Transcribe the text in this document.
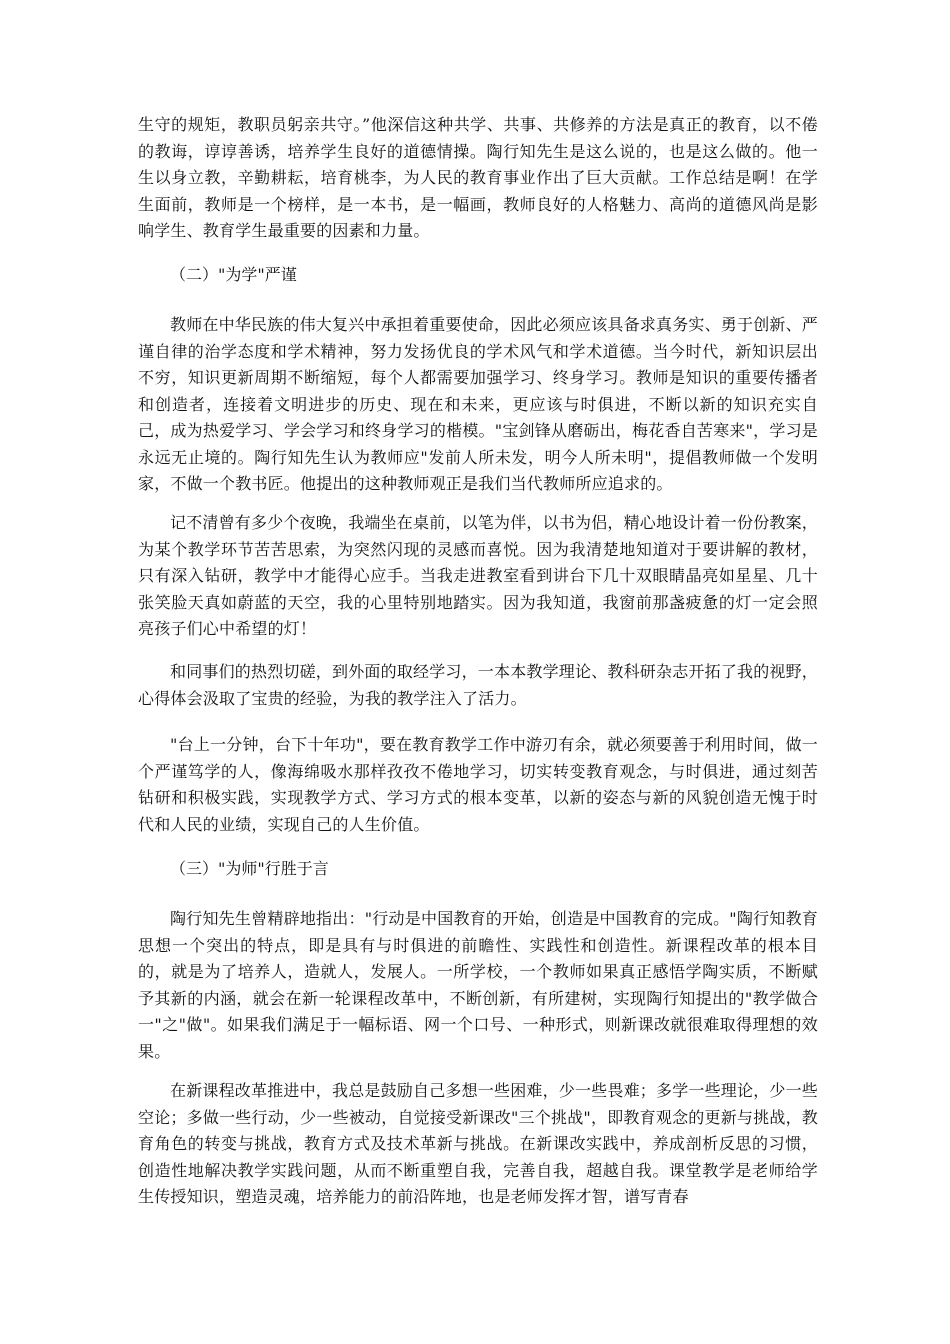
生守的规矩，教职员躬亲共守。”他深信这种共学、共事、共修养的方法是真正的教育，以不倦的教诲，谆谆善诱，培养学生良好的道德情操。陶行知先生是这么说的，也是这么做的。他一生以身立教，辛勤耕耘，培育桃李，为人民的教育事业作出了巨大贡献。工作总结是啊！在学生面前，教师是一个榜样，是一本书，是一幅画，教师良好的人格魅力、高尚的道德风尚是影响学生、教育学生最重要的因素和力量。

（二）"为学"严谨

教师在中华民族的伟大复兴中承担着重要使命，因此必须应该具备求真务实、勇于创新、严谨自律的治学态度和学术精神，努力发扬优良的学术风气和学术道德。当今时代，新知识层出不穷，知识更新周期不断缩短，每个人都需要加强学习、终身学习。教师是知识的重要传播者和创造者，连接着文明进步的历史、现在和未来，更应该与时俱进，不断以新的知识充实自己，成为热爱学习、学会学习和终身学习的楷模。"宝剑锋从磨砺出，梅花香自苦寒来"，学习是永远无止境的。陶行知先生认为教师应"发前人所未发，明今人所未明"，提倡教师做一个发明家，不做一个教书匠。他提出的这种教师观正是我们当代教师所应追求的。

记不清曾有多少个夜晚，我端坐在桌前，以笔为伴，以书为侣，精心地设计着一份份教案，为某个教学环节苦苦思索，为突然闪现的灵感而喜悦。因为我清楚地知道对于要讲解的教材，只有深入钻研，教学中才能得心应手。当我走进教室看到讲台下几十双眼睛晶亮如星星、几十张笑脸天真如蔚蓝的天空，我的心里特别地踏实。因为我知道，我窗前那盏疲惫的灯一定会照亮孩子们心中希望的灯！

和同事们的热烈切磋，到外面的取经学习，一本本教学理论、教科研杂志开拓了我的视野，心得体会汲取了宝贵的经验，为我的教学注入了活力。

"台上一分钟，台下十年功"，要在教育教学工作中游刃有余，就必须要善于利用时间，做一个严谨笃学的人，像海绵吸水那样孜孜不倦地学习，切实转变教育观念，与时俱进，通过刻苦钻研和积极实践，实现教学方式、学习方式的根本变革，以新的姿态与新的风貌创造无愧于时代和人民的业绩，实现自己的人生价值。

（三）"为师"行胜于言

陶行知先生曾精辟地指出："行动是中国教育的开始，创造是中国教育的完成。"陶行知教育思想一个突出的特点，即是具有与时俱进的前瞻性、实践性和创造性。新课程改革的根本目的，就是为了培养人，造就人，发展人。一所学校，一个教师如果真正感悟学陶实质，不断赋予其新的内涵，就会在新一轮课程改革中，不断创新，有所建树，实现陶行知提出的"教学做合一"之"做"。如果我们满足于一幅标语、网一个口号、一种形式，则新课改就很难取得理想的效果。

在新课程改革推进中，我总是鼓励自己多想一些困难，少一些畏难；多学一些理论，少一些空论；多做一些行动，少一些被动，自觉接受新课改"三个挑战"，即教育观念的更新与挑战，教育角色的转变与挑战，教育方式及技术革新与挑战。在新课改实践中，养成剖析反思的习惯，创造性地解决教学实践问题，从而不断重塑自我，完善自我，超越自我。课堂教学是老师给学生传授知识，塑造灵魂，培养能力的前沿阵地，也是老师发挥才智，谱写青春
